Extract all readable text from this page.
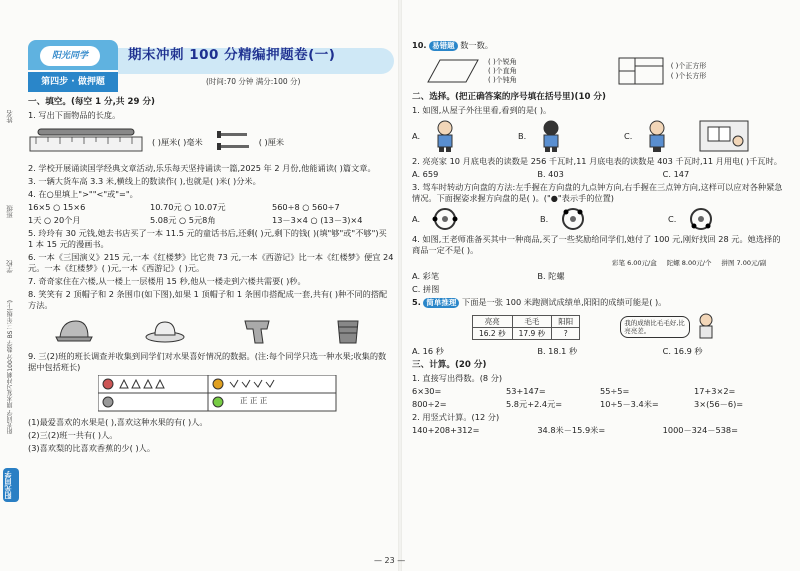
姓名
班级
学校
阳光同学 期末复习冲刺100分 数学 BS 三年级(上)
阳光同学
阳光同学
第四步 · 做押题
期末冲刺 100 分精编押题卷(一)
(时间:70 分钟 满分:100 分)
一、填空。(每空 1 分,共 29 分)
1. 写出下面物品的长度。
( )厘米( )毫米	( )厘米
2. 学校开展诵读国学经典文章活动,乐乐每天坚持诵读一篇,2025 年 2 月份,他能诵读( )篇文章。
3. 一辆大货车高 3.3 米,横线上的数读作( ),也就是( )米( )分米。
4. 在○里填上">""<"或"="。
16×5 ○ 15×6	10.70元 ○ 10.07元	560÷8 ○ 560÷7
1天 ○ 20个月	5.08元 ○ 5元8角	13－3×4 ○ (13－3)×4
5. 玲玲有 30 元钱,她去书店买了一本 11.5 元的童话书后,还剩( )元,剩下的钱( )(填"够"或"不够")买 1 本 15 元的漫画书。
6. 一本《三国演义》215 元,一本《红楼梦》比它贵 73 元,一本《西游记》比一本《红楼梦》便宜 24 元。一本《红楼梦》( )元,一本《西游记》( )元。
7. 奇奇家住在六楼,从一楼上一层楼用 15 秒,他从一楼走到六楼共需要( )秒。
8. 笑笑有 2 顶帽子和 2 条围巾(如下图),如果 1 顶帽子和 1 条围巾搭配成一套,共有( )种不同的搭配方法。
9. 三(2)班的班长调查并收集到同学们对水果喜好情况的数据。(注:每个同学只选一种水果;收集的数据中包括班长)
正 正 正
(1)最爱喜欢的水果是( ),喜欢这种水果的有( )人。
(2)三(2)班一共有( )人。
(3)喜欢梨的比喜欢香蕉的少( )人。
10. 易错题 数一数。
( )个锐角
( )个直角
( )个钝角
( )个正方形
( )个长方形
二、选择。(把正确答案的序号填在括号里)(10 分)
1. 如图,从屋子外往里看,看到的是( )。
A.	B.	C.
2. 亮亮家 10 月底电表的读数是 256 千瓦时,11 月底电表的读数是 403 千瓦时,11 月用电( )千瓦时。
A. 659	B. 403	C. 147
3. 驾车时转动方向盘的方法:左手握在方向盘的九点钟方向,右手握在三点钟方向,这样可以应对各种紧急情况。下面握姿求握方向盘的是( )。("●"表示手的位置)
A.	B.	C.
4. 如图,王老师准备买其中一种商品,买了一些奖励给同学们,她付了 100 元,刚好找回 28 元。她选择的商品一定不是( )。
彩笔 6.00元/盒 陀螺 8.00元/个 拼图 7.00元/副
A. 彩笔	B. 陀螺
C. 拼图
5. 简单推理 下面是一张 100 米跑测试成绩单,阳阳的成绩可能是( )。
亮亮	毛毛	阳阳
16.2 秒	17.9 秒	?
我的成绩比毛毛好,比亮亮差。
A. 16 秒	B. 18.1 秒	C. 16.9 秒
三、计算。(20 分)
1. 直接写出得数。(8 分)
6×30=	53+147=	55÷5=	17+3×2=
800÷2=	5.8元+2.4元=	10÷5－3.4米=	3×(56－6)=
2. 用竖式计算。(12 分)
140+208+312=	34.8米－15.9米=	1000－324－538=
— 23 —
